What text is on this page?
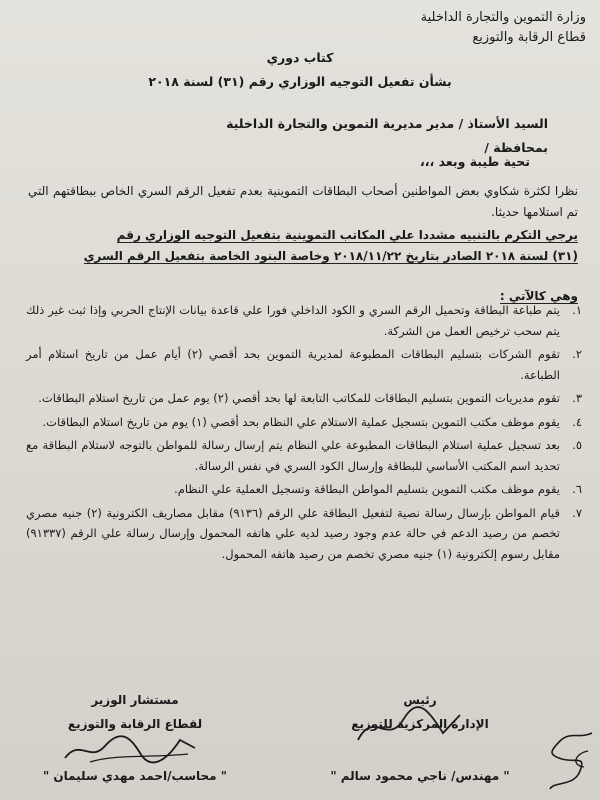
وزارة التموين والتجارة الداخلية
قطاع الرقابة والتوزيع
كتاب دوري
بشأن تفعيل التوجيه الوزاري رقم (٣١) لسنة ٢٠١٨
السيد الأستاذ / مدير مديرية التموين والتجارة الداخلية
بمحافظة /
تحية طيبة وبعد ،،،
نظرا لكثرة شكاوي بعض المواطنين أصحاب البطاقات التموينية بعدم تفعيل الرقم السري الخاص ببطاقتهم التي تم استلامها حديثا.
يرجي التكرم بالتنبيه مشددا علي المكاتب التموينية بتفعيل التوجيه الوزاري رقم
(٣١) لسنة ٢٠١٨ الصادر بتاريخ ٢٠١٨/١١/٢٢ وخاصة البنود الخاصة بتفعيل الرقم السري
وهي كالآتي :
١.
يتم طباعة البطاقة وتحميل الرقم السري و الكود الداخلي فورا علي قاعدة بيانات الإنتاج الحربي وإذا ثبت غير ذلك يتم سحب ترخيص العمل من الشركة.
٢.
تقوم الشركات بتسليم البطاقات المطبوعة لمديرية التموين بحد أقصي (٢) أيام عمل من تاريخ استلام أمر الطباعة.
٣.
تقوم مديريات التموين بتسليم البطاقات للمكاتب التابعة لها بحد أقصي (٢) يوم عمل من تاريخ استلام البطاقات.
٤.
يقوم موظف مكتب التموين بتسجيل عملية الاستلام علي النظام بحد أقصي (١) يوم من تاريخ استلام البطاقات.
٥.
بعد تسجيل عملية استلام البطاقات المطبوعة علي النظام يتم إرسال رسالة للمواطن بالتوجه لاستلام البطاقة مع تحديد اسم المكتب الأساسي للبطاقة وإرسال الكود السري في نفس الرسالة.
٦.
يقوم موظف مكتب التموين بتسليم المواطن البطاقة وتسجيل العملية علي النظام.
٧.
قيام المواطن بإرسال رسالة نصية لتفعيل البطاقة علي الرقم (٩١٣٦) مقابل مصاريف الكترونية (٢) جنيه مصري تخصم من رصيد الدعم في حالة عدم وجود رصيد لديه علي هاتفه المحمول وإرسال رسالة علي الرقم (٩١٣٣٧) مقابل رسوم إلكترونية (١) جنيه مصري تخصم من رصيد هاتفه المحمول.
رئيس
الإدارة المركزية للتوزيع
" مهندس/ ناجي محمود سالم "
مستشار الوزير
لقطاع الرقابة والتوزيع
" محاسب/احمد مهدي سليمان "
